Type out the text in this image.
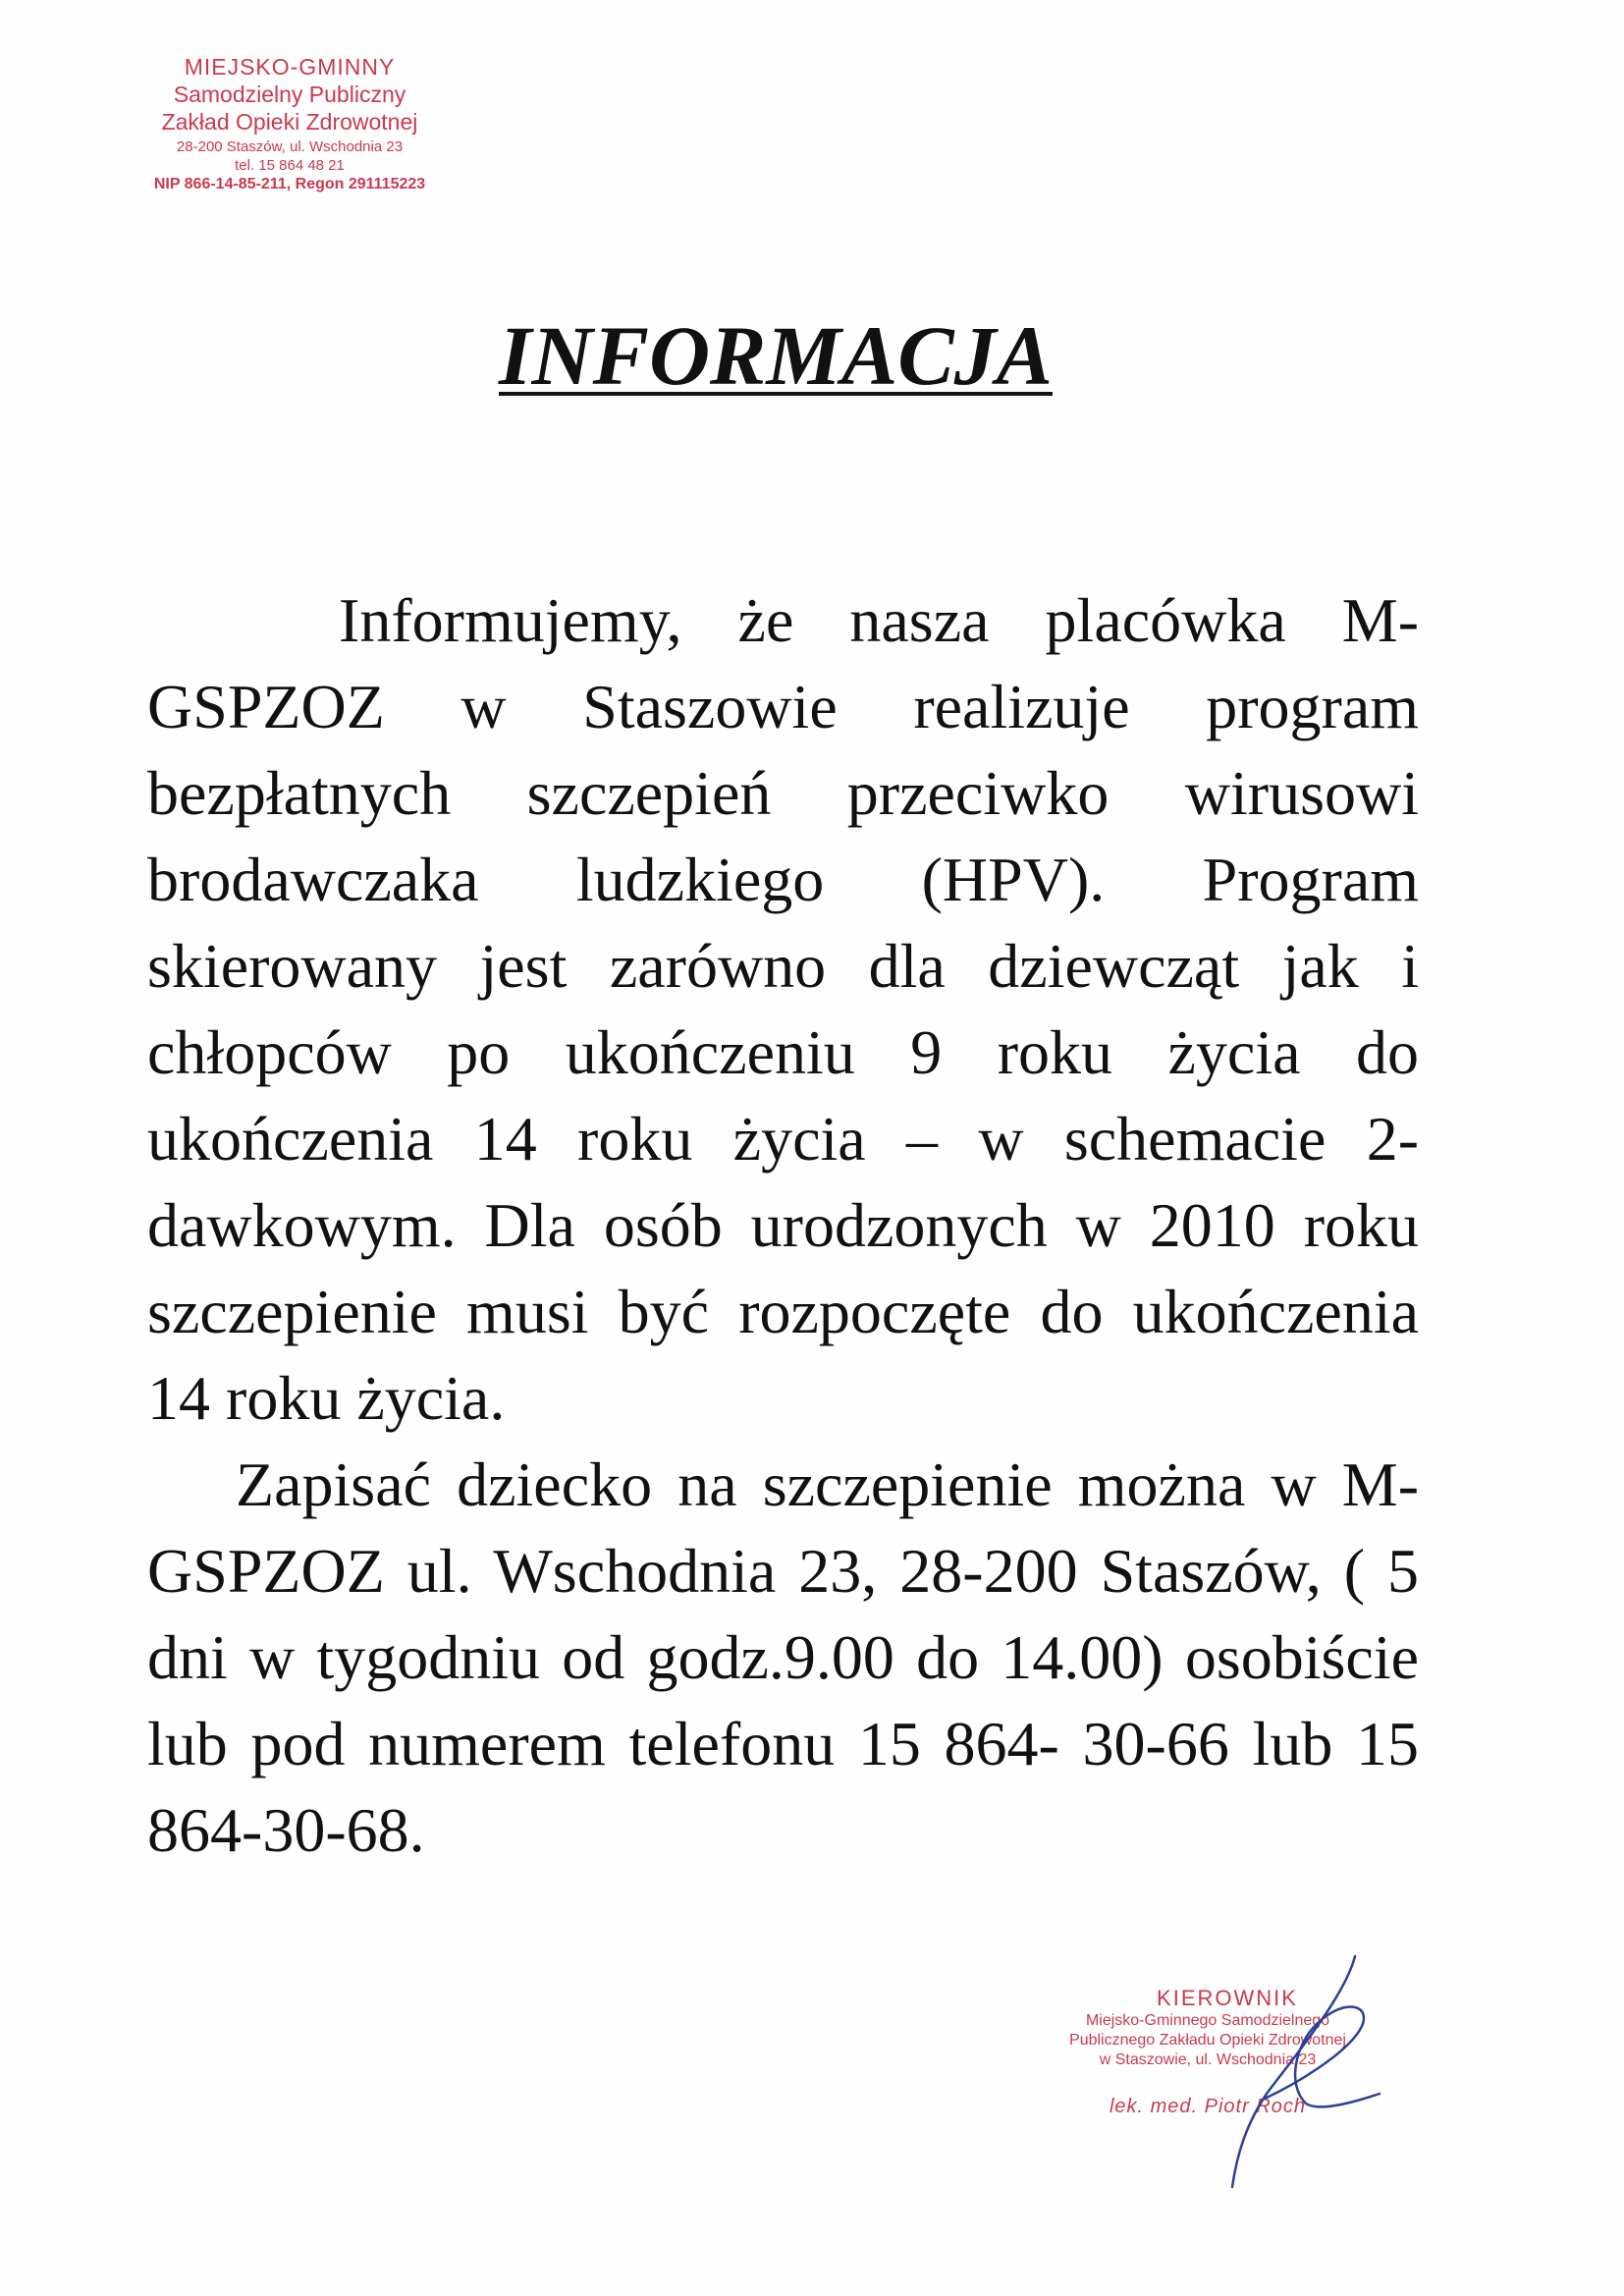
MIEJSKO-GMINNY
Samodzielny Publiczny
Zakład Opieki Zdrowotnej
28-200 Staszów, ul. Wschodnia 23
tel. 15 864 48 21
NIP 866-14-85-211, Regon 291115223
INFORMACJA

Informujemy, że nasza placówka M-GSPZOZ w Staszowie realizuje program bezpłatnych szczepień przeciwko wirusowi brodawczaka ludzkiego (HPV). Program skierowany jest zarówno dla dziewcząt jak i chłopców po ukończeniu 9 roku życia do ukończenia 14 roku życia – w schemacie 2-dawkowym. Dla osób urodzonych w 2010 roku szczepienie musi być rozpoczęte do ukończenia 14 roku życia.

Zapisać dziecko na szczepienie można w M-GSPZOZ ul. Wschodnia 23, 28-200 Staszów, ( 5 dni w tygodniu od godz.9.00 do 14.00) osobiście lub pod numerem telefonu 15 864- 30-66 lub 15 864-30-68.

KIEROWNIK
Miejsko-Gminnego Samodzielnego
Publicznego Zakładu Opieki Zdrowotnej
w Staszowie, ul. Wschodnia 23
lek. med. Piotr Roch
